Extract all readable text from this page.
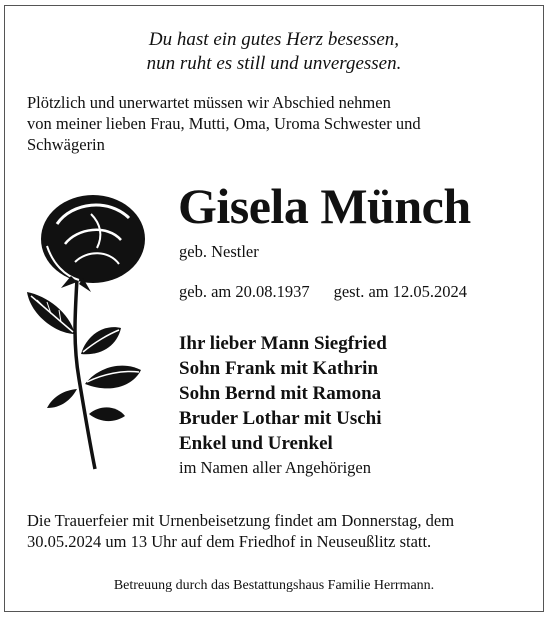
Du hast ein gutes Herz besessen,
nun ruht es still und unvergessen.
Plötzlich und unerwartet müssen wir Abschied nehmen
von meiner lieben Frau, Mutti, Oma, Uroma Schwester und
Schwägerin
Gisela Münch
geb. Nestler
geb. am 20.08.1937 gest. am 12.05.2024
Ihr lieber Mann Siegfried
Sohn Frank mit Kathrin
Sohn Bernd mit Ramona
Bruder Lothar mit Uschi
Enkel und Urenkel
im Namen aller Angehörigen
Die Trauerfeier mit Urnenbeisetzung findet am Donnerstag, dem
30.05.2024 um 13 Uhr auf dem Friedhof in Neuseußlitz statt.
Betreuung durch das Bestattungshaus Familie Herrmann.
